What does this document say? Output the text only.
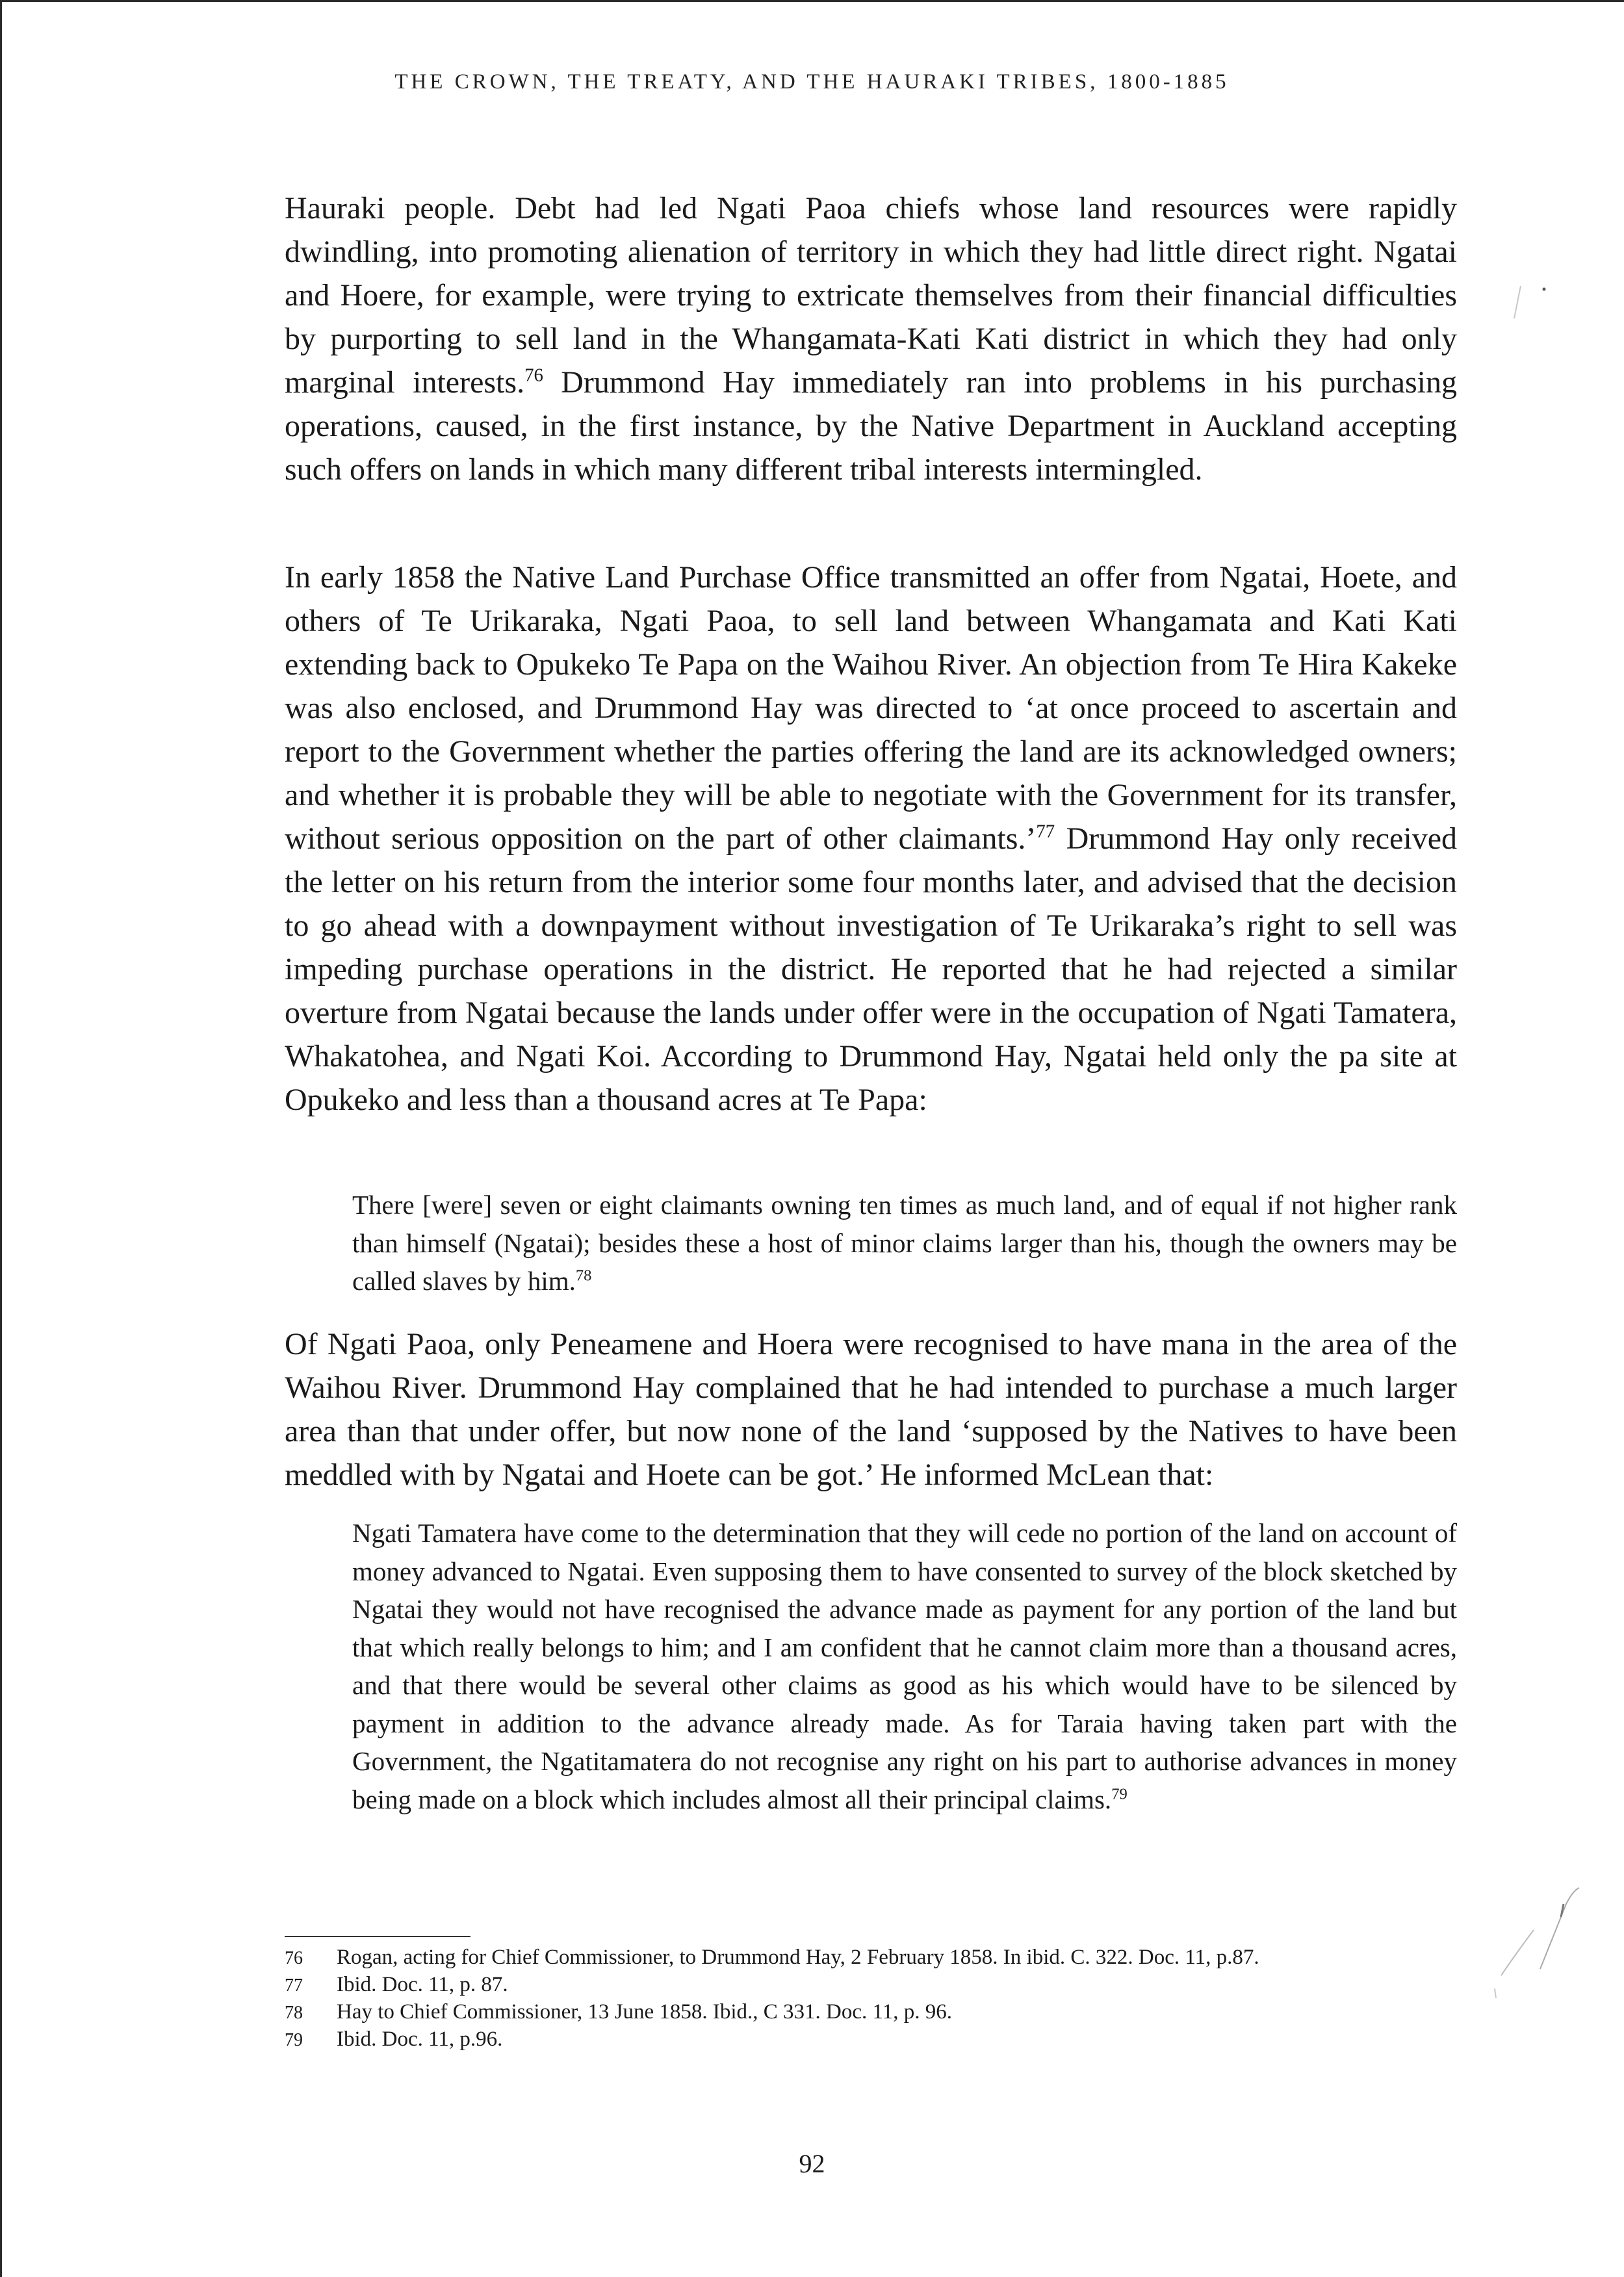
THE CROWN, THE TREATY, AND THE HAURAKI TRIBES, 1800-1885

Hauraki people. Debt had led Ngati Paoa chiefs whose land resources were rapidly dwindling, into promoting alienation of territory in which they had little direct right. Ngatai and Hoere, for example, were trying to extricate themselves from their financial difficulties by purporting to sell land in the Whangamata-Kati Kati district in which they had only marginal interests.$^{76}$ Drummond Hay immediately ran into problems in his purchasing operations, caused, in the first instance, by the Native Department in Auckland accepting such offers on lands in which many different tribal interests intermingled.

In early 1858 the Native Land Purchase Office transmitted an offer from Ngatai, Hoete, and others of Te Urikaraka, Ngati Paoa, to sell land between Whangamata and Kati Kati extending back to Opukeko Te Papa on the Waihou River. An objection from Te Hira Kakeke was also enclosed, and Drummond Hay was directed to ‘at once proceed to ascertain and report to the Government whether the parties offering the land are its acknowledged owners; and whether it is probable they will be able to negotiate with the Government for its transfer, without serious opposition on the part of other claimants.’$^{77}$ Drummond Hay only received the letter on his return from the interior some four months later, and advised that the decision to go ahead with a downpayment without investigation of Te Urikaraka’s right to sell was impeding purchase operations in the district. He reported that he had rejected a similar overture from Ngatai because the lands under offer were in the occupation of Ngati Tamatera, Whakatohea, and Ngati Koi. According to Drummond Hay, Ngatai held only the pa site at Opukeko and less than a thousand acres at Te Papa:

There [were] seven or eight claimants owning ten times as much land, and of equal if not higher rank than himself (Ngatai); besides these a host of minor claims larger than his, though the owners may be called slaves by him.$^{78}$

Of Ngati Paoa, only Peneamene and Hoera were recognised to have mana in the area of the Waihou River. Drummond Hay complained that he had intended to purchase a much larger area than that under offer, but now none of the land ‘supposed by the Natives to have been meddled with by Ngatai and Hoete can be got.’ He informed McLean that:

Ngati Tamatera have come to the determination that they will cede no portion of the land on account of money advanced to Ngatai. Even supposing them to have consented to survey of the block sketched by Ngatai they would not have recognised the advance made as payment for any portion of the land but that which really belongs to him; and I am confident that he cannot claim more than a thousand acres, and that there would be several other claims as good as his which would have to be silenced by payment in addition to the advance already made. As for Taraia having taken part with the Government, the Ngatitamatera do not recognise any right on his part to authorise advances in money being made on a block which includes almost all their principal claims.$^{79}$

76	Rogan, acting for Chief Commissioner, to Drummond Hay, 2 February 1858. In ibid. C. 322. Doc. 11, p.87.
77	Ibid. Doc. 11, p. 87.
78	Hay to Chief Commissioner, 13 June 1858. Ibid., C 331. Doc. 11, p. 96.
79	Ibid. Doc. 11, p.96.
92
